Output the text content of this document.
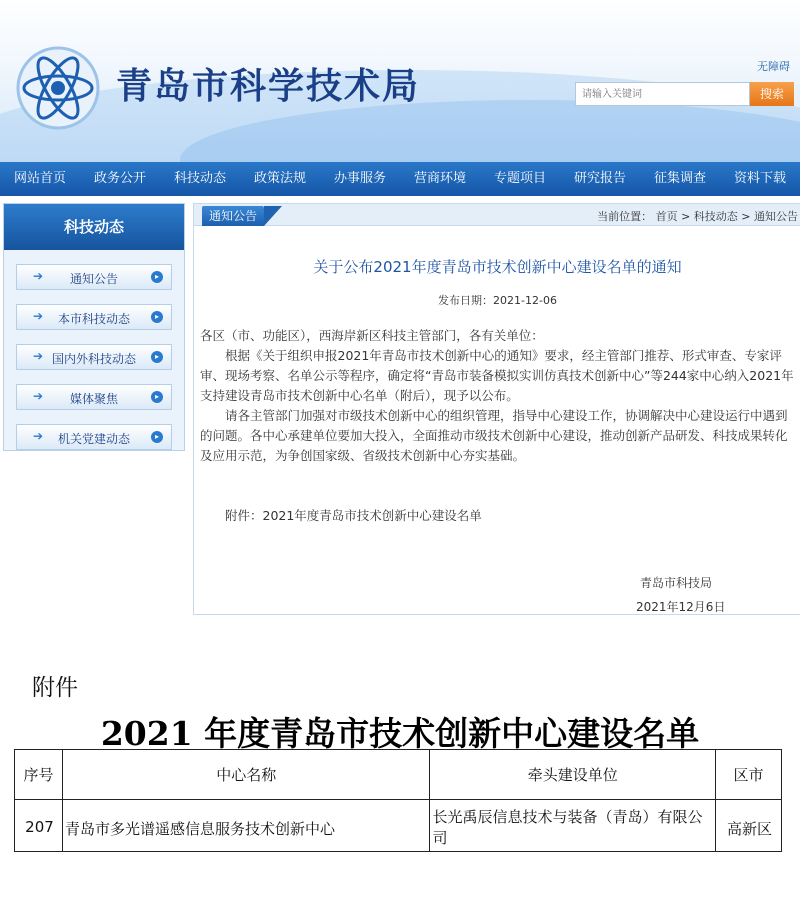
青岛市科学技术局	无障碍
请输入关键词
搜索
网站首页	政务公开	科技动态	政策法规	办事服务	营商环境	专题项目	研究报告	征集调查	资料下载
科技动态
➔	通知公告	▸
➔	本市科技动态	▸
➔ 国内外科技动态	▸
➔	媒体聚焦	▸
➔	机关党建动态	▸
通知公告	当前位置： 首页 > 科技动态 > 通知公告
关于公布2021年度青岛市技术创新中心建设名单的通知
发布日期：2021-12-06
各区（市、功能区），西海岸新区科技主管部门，各有关单位：
根据《关于组织申报2021年青岛市技术创新中心的通知》要求，经主管部门推荐、形式审查、专家评审、现场考察、名单公示等程序，确定将“青岛市装备模拟实训仿真技术创新中心”等244家中心纳入2021年支持建设青岛市技术创新中心名单（附后），现予以公布。
请各主管部门加强对市级技术创新中心的组织管理，指导中心建设工作，协调解决中心建设运行中遇到的问题。各中心承建单位要加大投入，全面推动市级技术创新中心建设，推动创新产品研发、科技成果转化及应用示范，为争创国家级、省级技术创新中心夯实基础。
附件：2021年度青岛市技术创新中心建设名单
青岛市科技局
2021年12月6日
附件
2021 年度青岛市技术创新中心建设名单
序号	中心名称	牵头建设单位	区市
207	青岛市多光谱遥感信息服务技术创新中心	长光禹辰信息技术与装备（青岛）有限公司	高新区
